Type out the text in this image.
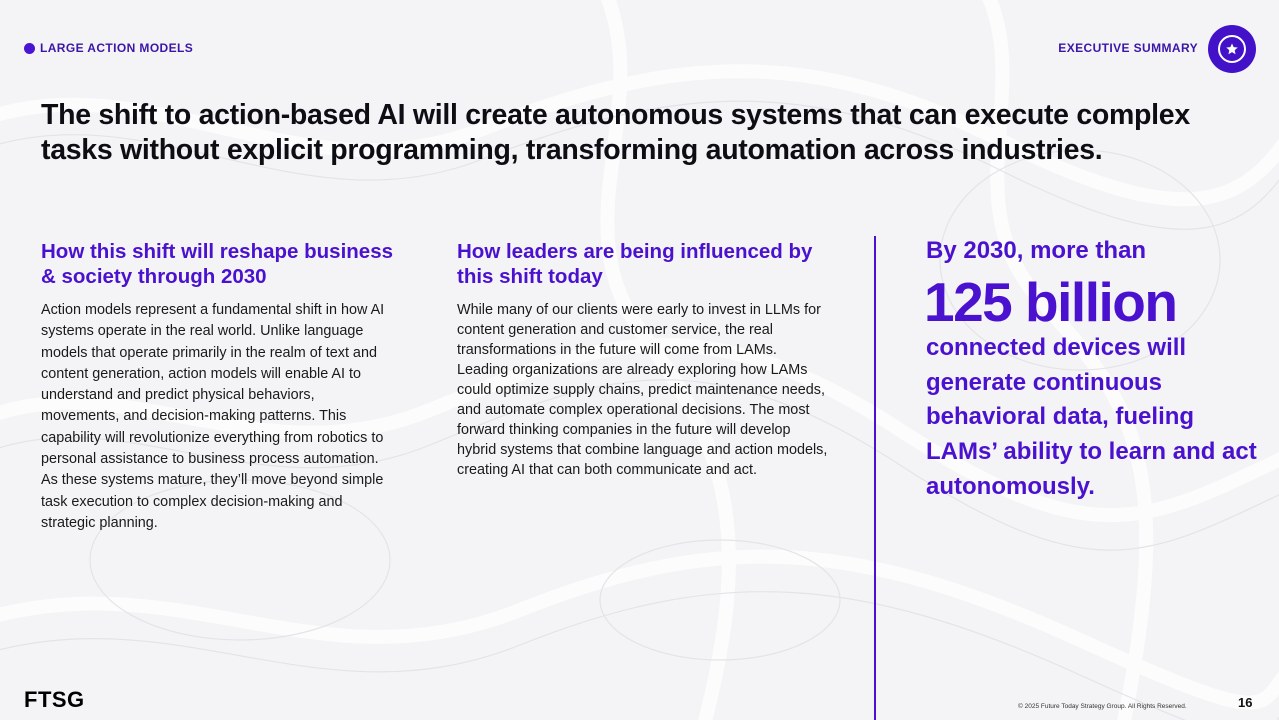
LARGE ACTION MODELS	EXECUTIVE SUMMARY
The shift to action-based AI will create autonomous systems that can execute complex tasks without explicit programming, transforming automation across industries.
How this shift will reshape business & society through 2030

Action models represent a fundamental shift in how AI systems operate in the real world. Unlike language models that operate primarily in the realm of text and content generation, action models will enable AI to understand and predict physical behaviors, movements, and decision-making patterns. This capability will revolutionize everything from robotics to personal assistance to business process automation. As these systems mature, they’ll move beyond simple task execution to complex decision-making and strategic planning.

How leaders are being influenced by this shift today

While many of our clients were early to invest in LLMs for content generation and customer service, the real transformations in the future will come from LAMs. Leading organizations are already exploring how LAMs could optimize supply chains, predict maintenance needs, and automate complex operational decisions. The most forward thinking companies in the future will develop hybrid systems that combine language and action models, creating AI that can both communicate and act.

By 2030, more than
125 billion

connected devices will generate continuous behavioral data, fueling LAMs’ ability to learn and act autonomously.

FTSG	© 2025 Future Today Strategy Group. All Rights Reserved.	16
